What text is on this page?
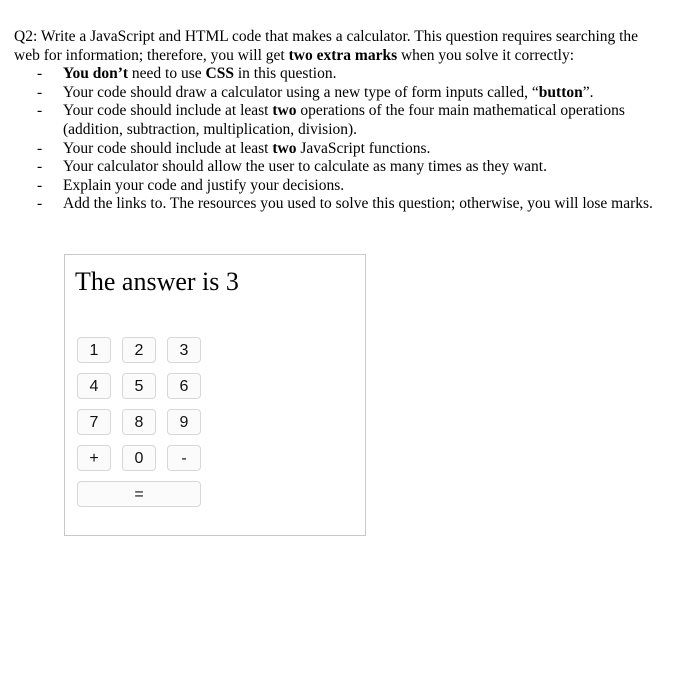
Q2: Write a JavaScript and HTML code that makes a calculator. This question requires searching the web for information; therefore, you will get two extra marks when you solve it correctly:

- You don’t need to use CSS in this question.
- Your code should draw a calculator using a new type of form inputs called, “button”.
- Your code should include at least two operations of the four main mathematical operations (addition, subtraction, multiplication, division).
- Your code should include at least two JavaScript functions.
- Your calculator should allow the user to calculate as many times as they want.
- Explain your code and justify your decisions.
- Add the links to. The resources you used to solve this question; otherwise, you will lose marks.
The answer is 3
1	2	3
4	5	6
7	8	9
+	0	-
=
